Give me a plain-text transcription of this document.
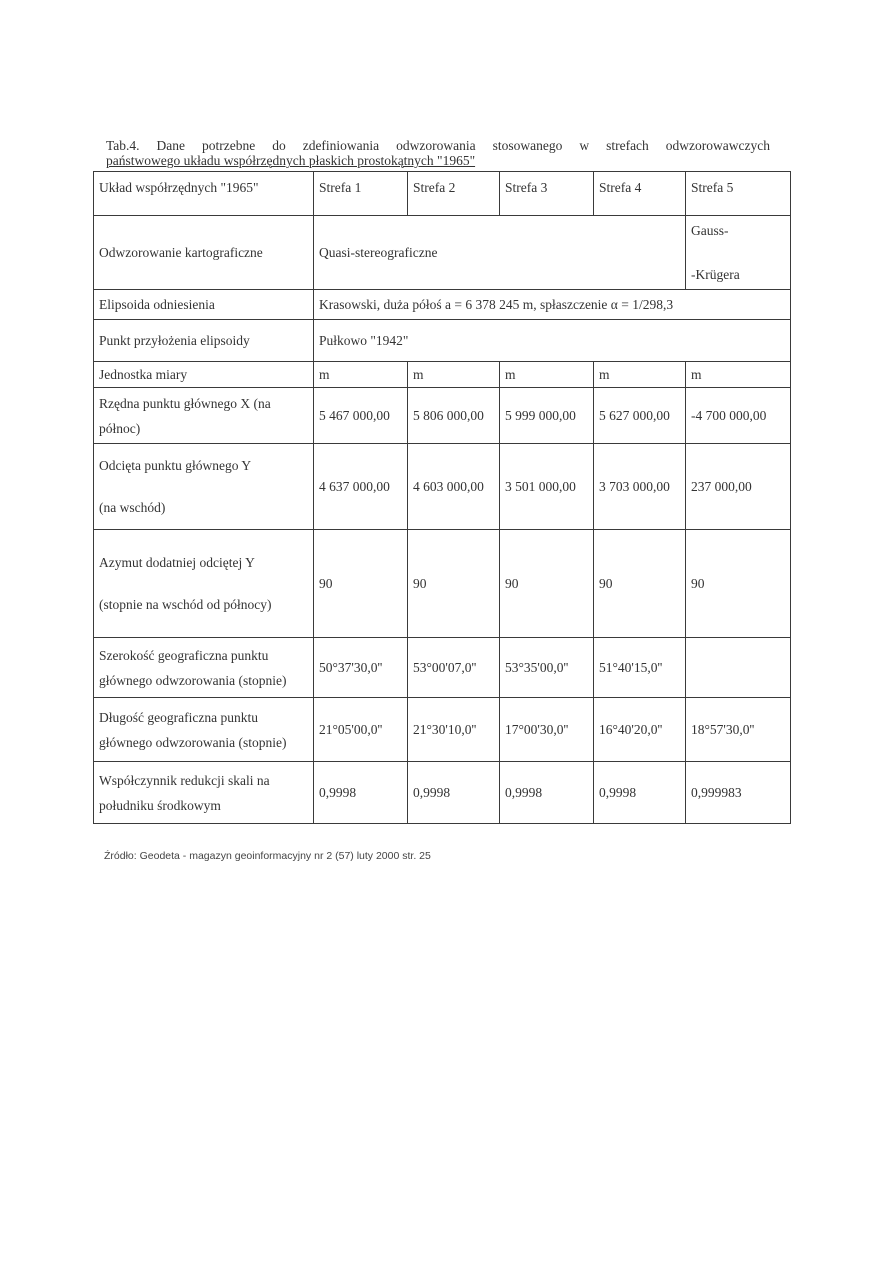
Tab.4. Dane potrzebne do zdefiniowania odwzorowania stosowanego w strefach odwzorowawczych
państwowego układu współrzędnych płaskich prostokątnych "1965"
Układ współrzędnych "1965"	Strefa 1	Strefa 2	Strefa 3	Strefa 4	Strefa 5
Odwzorowanie kartograficzne	Quasi-stereograficzne				Gauss-
-Krügera

Elipsoida odniesienia	Krasowski, duża półoś a = 6 378 245 m, spłaszczenie α = 1/298,3				
Punkt przyłożenia elipsoidy	Pułkowo "1942"				
Jednostka miary	m	m	m	m	m
Rzędna punktu głównego X (na północ)	5 467 000,00	5 806 000,00	5 999 000,00	5 627 000,00	-4 700 000,00

Odcięta punktu głównego Y
(na wschód)	4 637 000,00	4 603 000,00	3 501 000,00	3 703 000,00	237 000,00

Azymut dodatniej odciętej Y
(stopnie na wschód od północy)	90	90	90	90	90
Szerokość geograficzna punktu głównego odwzorowania (stopnie)	50°37'30,0''	53°00'07,0''	53°35'00,0''	51°40'15,0''	
Długość geograficzna punktu głównego odwzorowania (stopnie)	21°05'00,0''	21°30'10,0''	17°00'30,0''	16°40'20,0''	18°57'30,0''
Współczynnik redukcji skali na południku środkowym	0,9998	0,9998	0,9998	0,9998	0,999983
Źródło: Geodeta - magazyn geoinformacyjny nr 2 (57) luty 2000 str. 25
